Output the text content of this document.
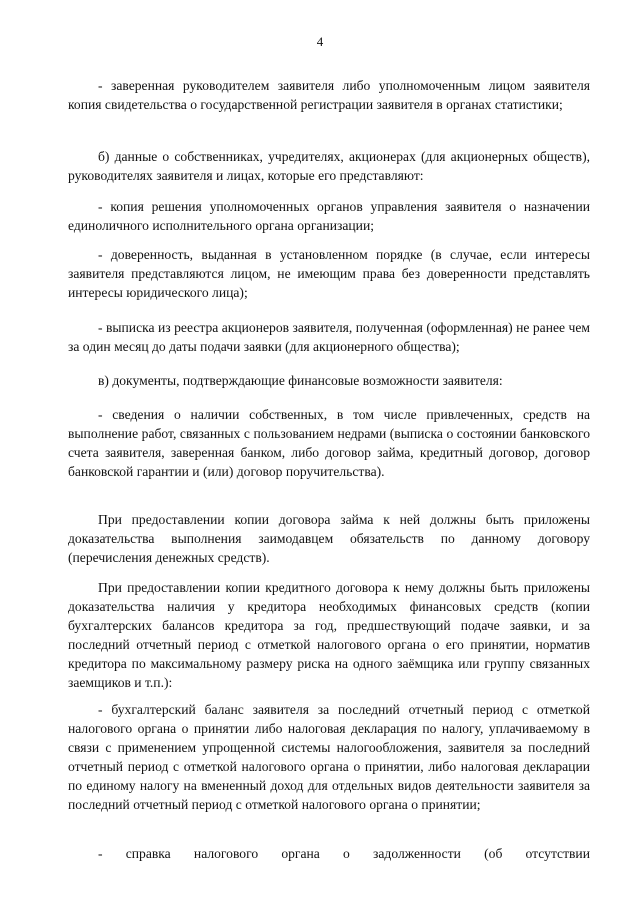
4

- заверенная руководителем заявителя либо уполномоченным лицом заявителя копия свидетельства о государственной регистрации заявителя в органах статистики;

б) данные о собственниках, учредителях, акционерах (для акционерных обществ), руководителях заявителя и лицах, которые его представляют:

- копия решения уполномоченных органов управления заявителя о назначении единоличного исполнительного органа организации;

- доверенность, выданная в установленном порядке (в случае, если интересы заявителя представляются лицом, не имеющим права без доверенности представлять интересы юридического лица);

- выписка из реестра акционеров заявителя, полученная (оформленная) не ранее чем за один месяц до даты подачи заявки (для акционерного общества);

в) документы, подтверждающие финансовые возможности заявителя:

- сведения о наличии собственных, в том числе привлеченных, средств на выполнение работ, связанных с пользованием недрами (выписка о состоянии банковского счета заявителя, заверенная банком, либо договор займа, кредитный договор, договор банковской гарантии и (или) договор поручительства).

При предоставлении копии договора займа к ней должны быть приложены доказательства выполнения заимодавцем обязательств по данному договору (перечисления денежных средств).

При предоставлении копии кредитного договора к нему должны быть приложены доказательства наличия у кредитора необходимых финансовых средств (копии бухгалтерских балансов кредитора за год, предшествующий подаче заявки, и за последний отчетный период с отметкой налогового органа о его принятии, норматив кредитора по максимальному размеру риска на одного заёмщика или группу связанных заемщиков и т.п.):

- бухгалтерский баланс заявителя за последний отчетный период с отметкой налогового органа о принятии либо налоговая декларация по налогу, уплачиваемому в связи с применением упрощенной системы налогообложения, заявителя за последний отчетный период с отметкой налогового органа о принятии, либо налоговая декларации по единому налогу на вмененный доход для отдельных видов деятельности заявителя за последний отчетный период с отметкой налогового органа о принятии;

- справка налогового органа о задолженности (об отсутствии
